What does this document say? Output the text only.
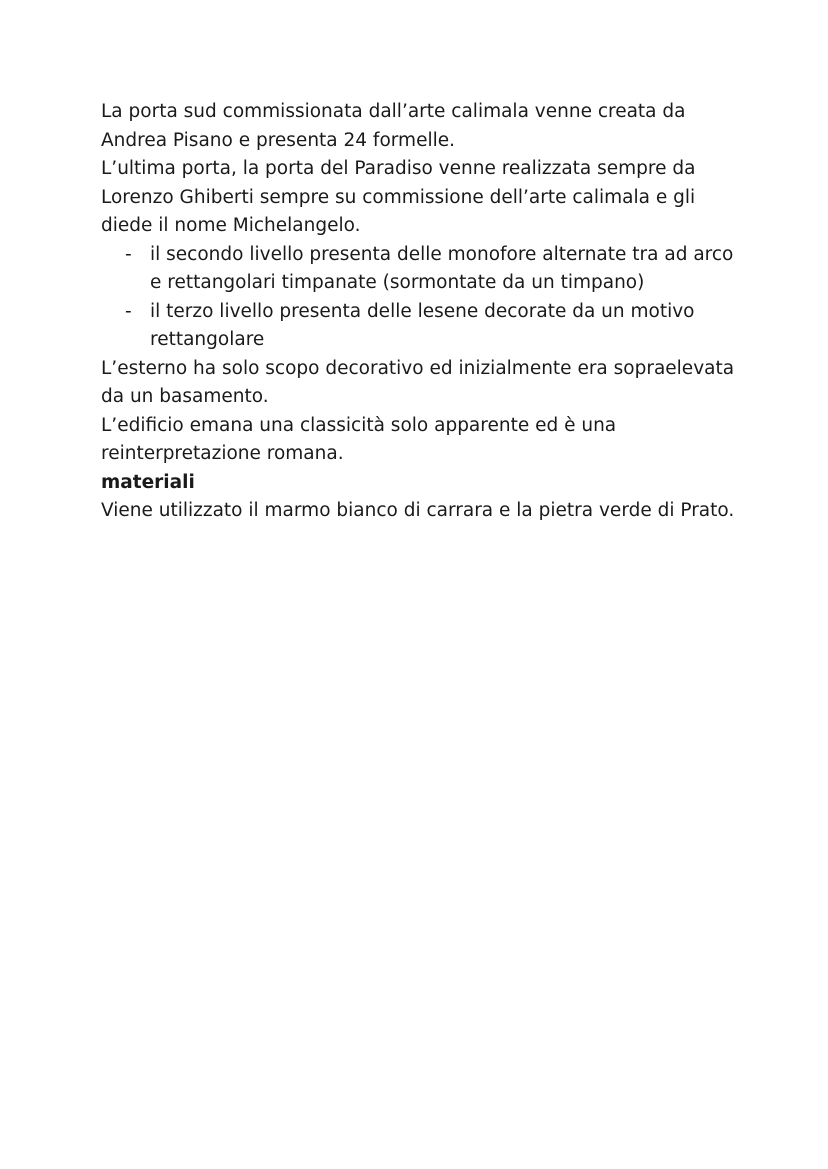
La porta sud commissionata dall’arte calimala venne creata da Andrea Pisano e presenta 24 formelle.

L’ultima porta, la porta del Paradiso venne realizzata sempre da Lorenzo Ghiberti sempre su commissione dell’arte calimala e gli diede il nome Michelangelo.

- il secondo livello presenta delle monofore alternate tra ad arco e rettangolari timpanate (sormontate da un timpano)
- il terzo livello presenta delle lesene decorate da un motivo rettangolare

L’esterno ha solo scopo decorativo ed inizialmente era sopraelevata da un basamento.

L’edificio emana una classicità solo apparente ed è una reinterpretazione romana.

materiali

Viene utilizzato il marmo bianco di carrara e la pietra verde di Prato.
